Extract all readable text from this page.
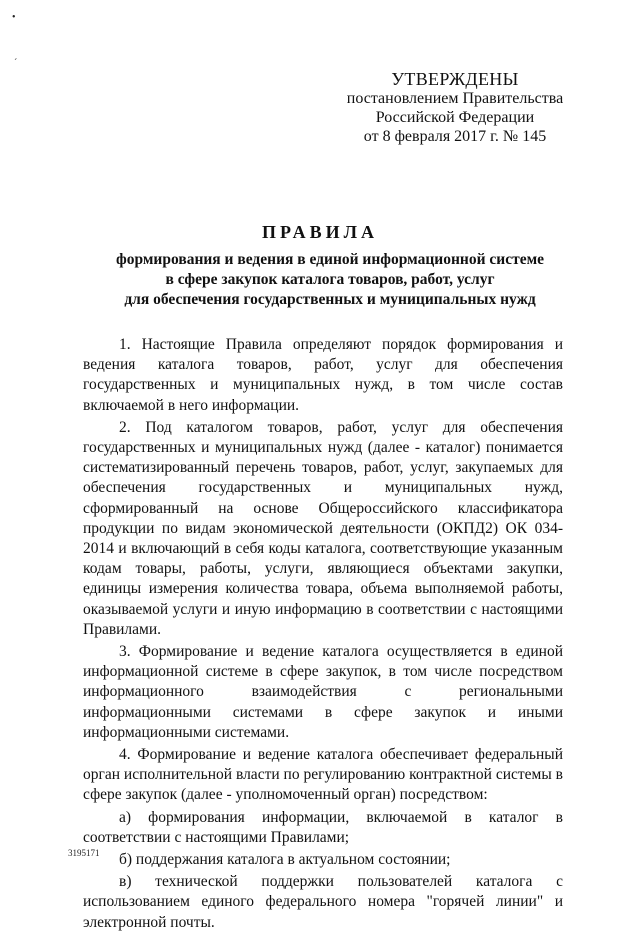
•
´
УТВЕРЖДЕНЫ
постановлением Правительства
Российской Федерации
от 8 февраля 2017 г. № 145
ПРАВИЛА
формирования и ведения в единой информационной системе
в сфере закупок каталога товаров, работ, услуг
для обеспечения государственных и муниципальных нужд

1. Настоящие Правила определяют порядок формирования и ведения каталога товаров, работ, услуг для обеспечения государственных и муниципальных нужд, в том числе состав включаемой в него информации.

2. Под каталогом товаров, работ, услуг для обеспечения государственных и муниципальных нужд (далее - каталог) понимается систематизированный перечень товаров, работ, услуг, закупаемых для обеспечения государственных и муниципальных нужд, сформированный на основе Общероссийского классификатора продукции по видам экономической деятельности (ОКПД2) ОК 034-2014 и включающий в себя коды каталога, соответствующие указанным кодам товары, работы, услуги, являющиеся объектами закупки, единицы измерения количества товара, объема выполняемой работы, оказываемой услуги и иную информацию в соответствии с настоящими Правилами.

3. Формирование и ведение каталога осуществляется в единой информационной системе в сфере закупок, в том числе посредством информационного взаимодействия с региональными информационными системами в сфере закупок и иными информационными системами.

4. Формирование и ведение каталога обеспечивает федеральный орган исполнительной власти по регулированию контрактной системы в сфере закупок (далее - уполномоченный орган) посредством:

а) формирования информации, включаемой в каталог в соответствии с настоящими Правилами;

б) поддержания каталога в актуальном состоянии;

в) технической поддержки пользователей каталога с использованием единого федерального номера "горячей линии" и электронной почты.

3195171
